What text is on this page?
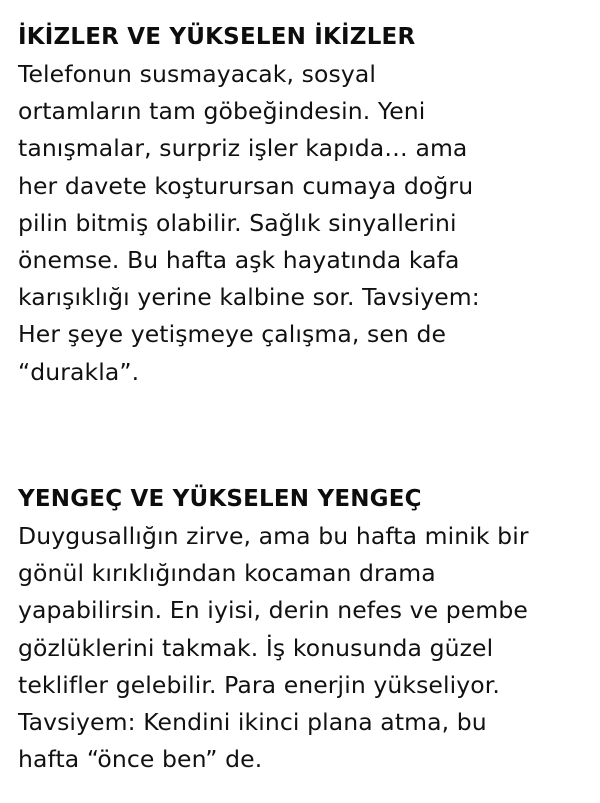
İKİZLER VE YÜKSELEN İKİZLER

Telefonun susmayacak, sosyal
ortamların tam göbeğindesin. Yeni
tanışmalar, surpriz işler kapıda… ama
her davete koşturursan cumaya doğru
pilin bitmiş olabilir. Sağlık sinyallerini
önemse. Bu hafta aşk hayatında kafa
karışıklığı yerine kalbine sor. Tavsiyem:
Her şeye yetişmeye çalışma, sen de
“durakla”.

YENGEÇ VE YÜKSELEN YENGEÇ

Duygusallığın zirve, ama bu hafta minik bir
gönül kırıklığından kocaman drama
yapabilirsin. En iyisi, derin nefes ve pembe
gözlüklerini takmak. İş konusunda güzel
teklifler gelebilir. Para enerjin yükseliyor.
Tavsiyem: Kendini ikinci plana atma, bu
hafta “önce ben” de.
